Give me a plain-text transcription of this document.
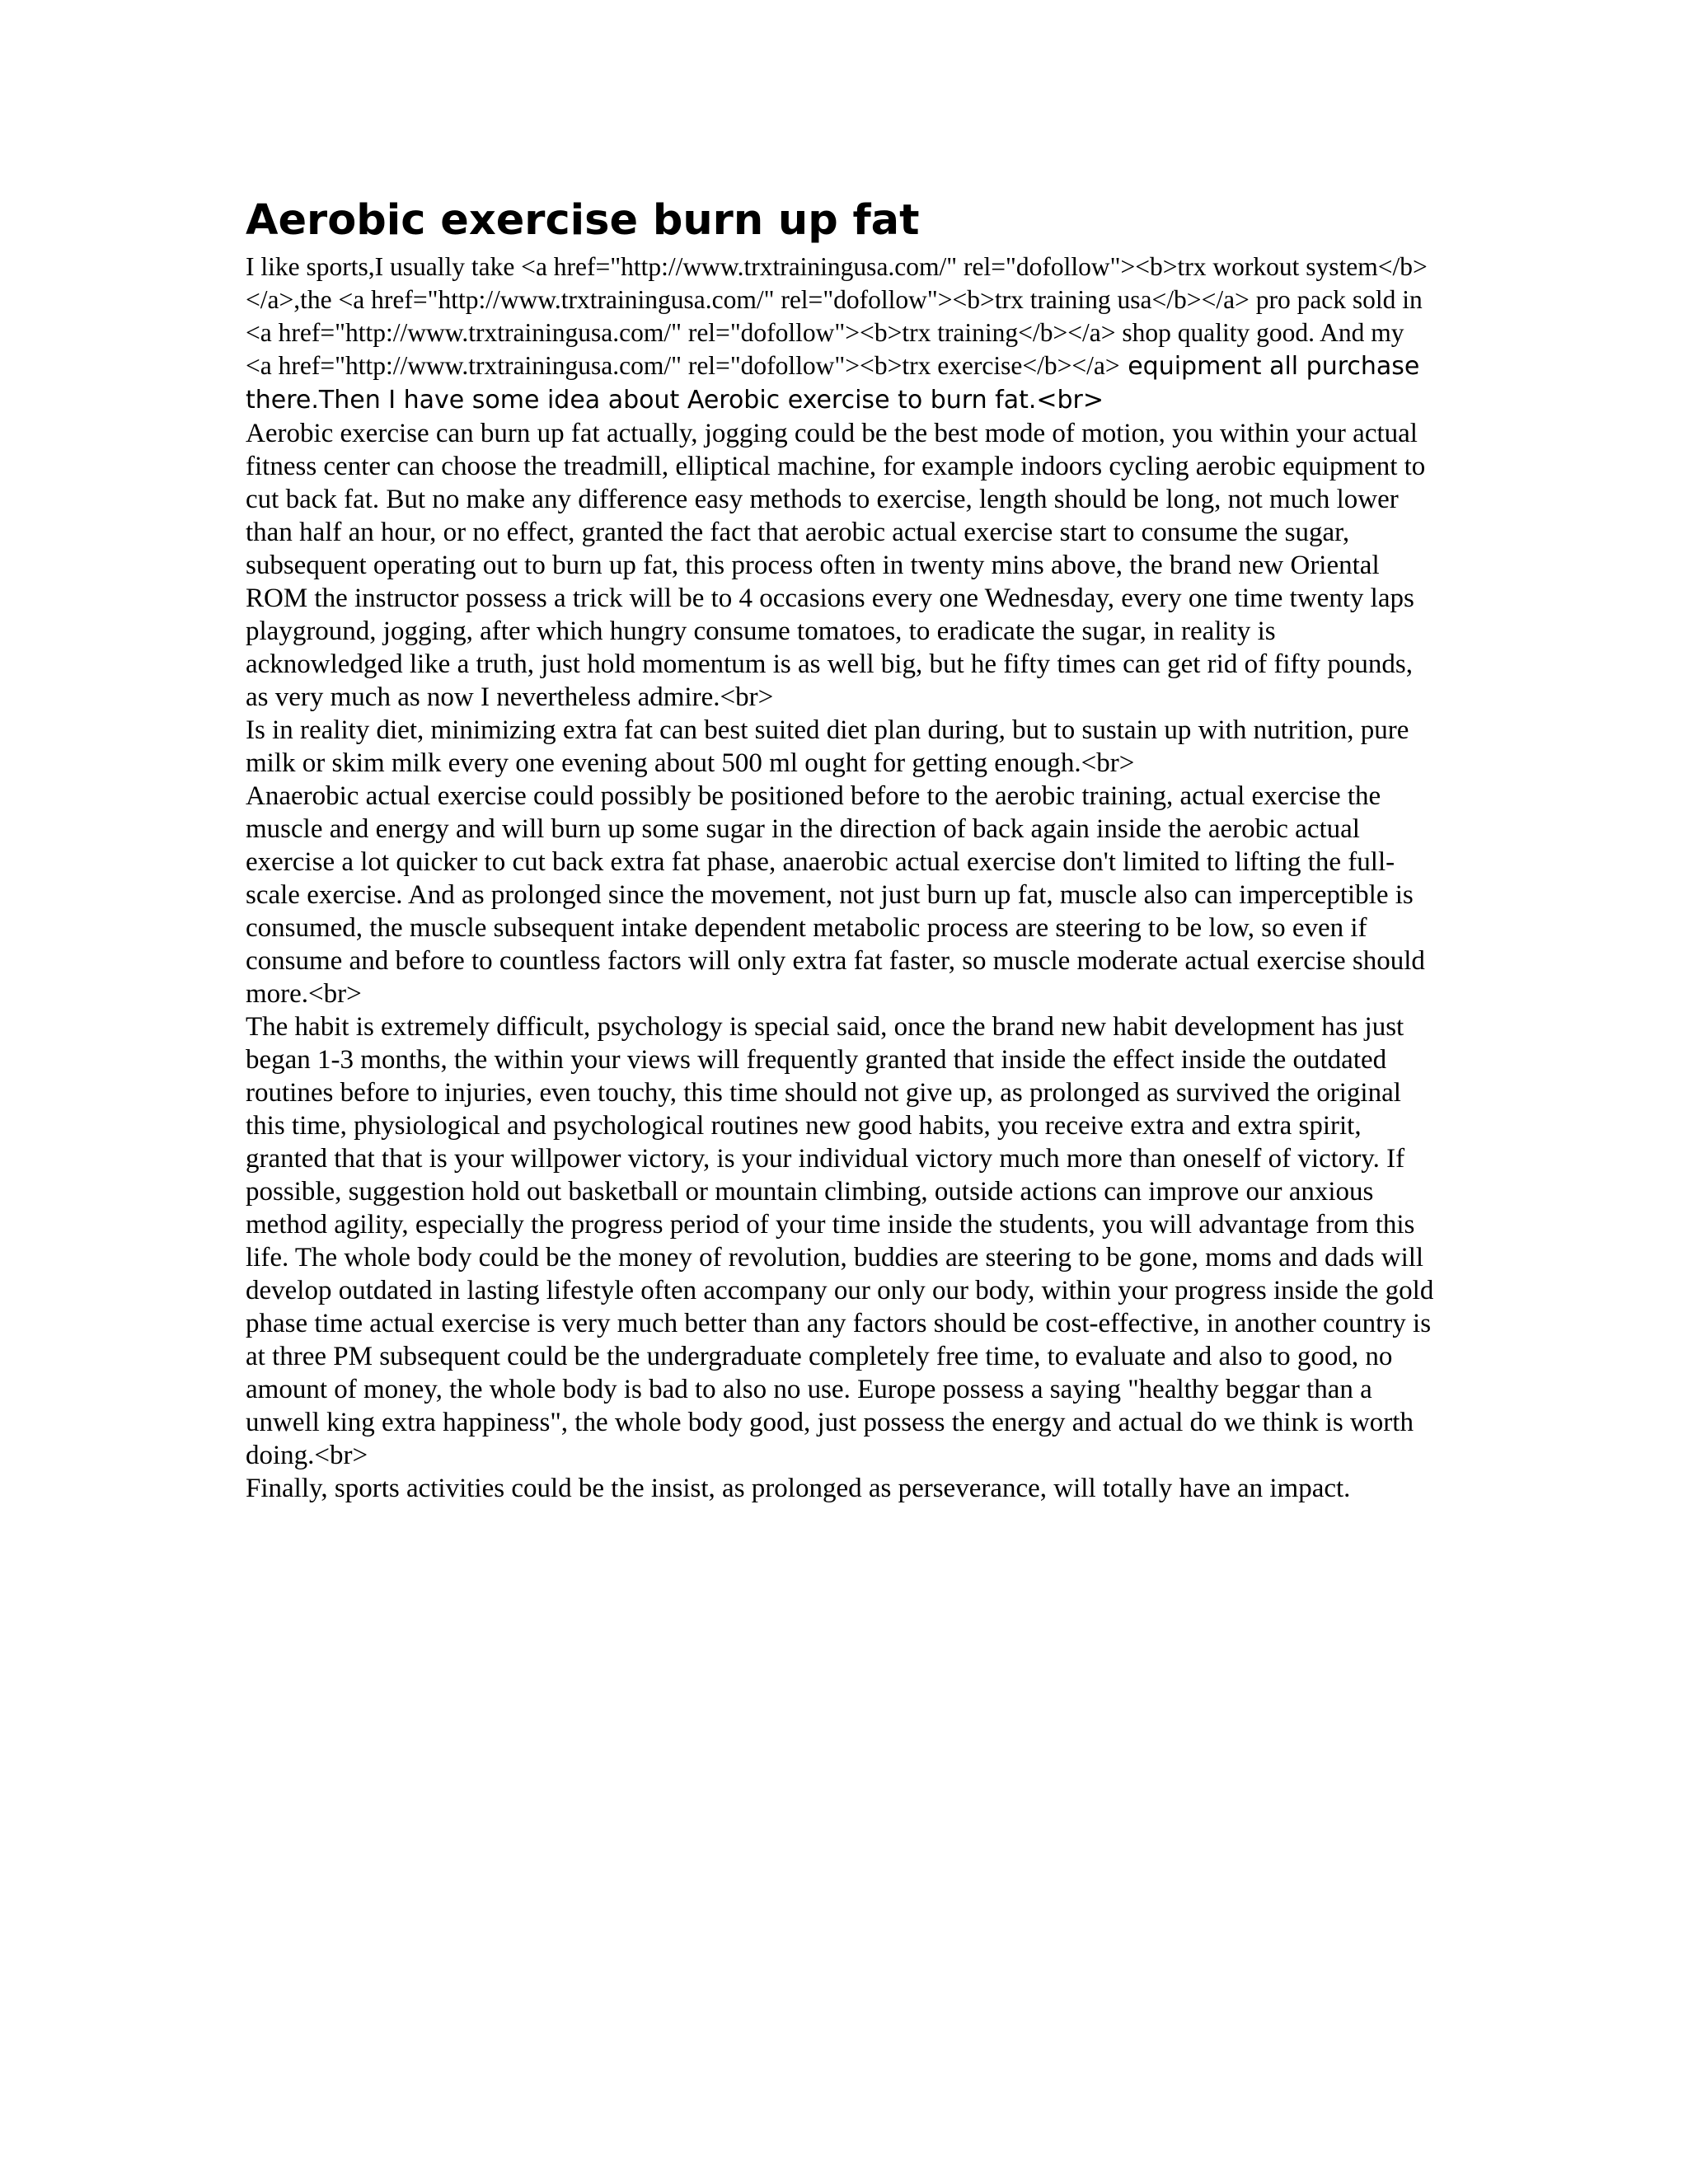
Aerobic exercise burn up fat

I like sports,I usually take <a href="http://www.trxtrainingusa.com/" rel="dofollow"><b>trx workout system</b></a>,the <a href="http://www.trxtrainingusa.com/" rel="dofollow"><b>trx training usa</b></a> pro pack sold in <a href="http://www.trxtrainingusa.com/" rel="dofollow"><b>trx training</b></a> shop quality good. And my <a href="http://www.trxtrainingusa.com/" rel="dofollow"><b>trx exercise</b></a> equipment all purchase there.Then I have some idea about Aerobic exercise to burn fat.<br>

Aerobic exercise can burn up fat actually, jogging could be the best mode of motion, you within your actual fitness center can choose the treadmill, elliptical machine, for example indoors cycling aerobic equipment to cut back fat. But no make any difference easy methods to exercise, length should be long, not much lower than half an hour, or no effect, granted the fact that aerobic actual exercise start to consume the sugar, subsequent operating out to burn up fat, this process often in twenty mins above, the brand new Oriental ROM the instructor possess a trick will be to 4 occasions every one Wednesday, every one time twenty laps playground, jogging, after which hungry consume tomatoes, to eradicate the sugar, in reality is acknowledged like a truth, just hold momentum is as well big, but he fifty times can get rid of fifty pounds, as very much as now I nevertheless admire.<br>

Is in reality diet, minimizing extra fat can best suited diet plan during, but to sustain up with nutrition, pure milk or skim milk every one evening about 500 ml ought for getting enough.<br>

Anaerobic actual exercise could possibly be positioned before to the aerobic training, actual exercise the muscle and energy and will burn up some sugar in the direction of back again inside the aerobic actual exercise a lot quicker to cut back extra fat phase, anaerobic actual exercise don't limited to lifting the full-scale exercise. And as prolonged since the movement, not just burn up fat, muscle also can imperceptible is consumed, the muscle subsequent intake dependent metabolic process are steering to be low, so even if consume and before to countless factors will only extra fat faster, so muscle moderate actual exercise should more.<br>

The habit is extremely difficult, psychology is special said, once the brand new habit development has just began 1-3 months, the within your views will frequently granted that inside the effect inside the outdated routines before to injuries, even touchy, this time should not give up, as prolonged as survived the original this time, physiological and psychological routines new good habits, you receive extra and extra spirit, granted that that is your willpower victory, is your individual victory much more than oneself of victory. If possible, suggestion hold out basketball or mountain climbing, outside actions can improve our anxious method agility, especially the progress period of your time inside the students, you will advantage from this life. The whole body could be the money of revolution, buddies are steering to be gone, moms and dads will develop outdated in lasting lifestyle often accompany our only our body, within your progress inside the gold phase time actual exercise is very much better than any factors should be cost-effective, in another country is at three PM subsequent could be the undergraduate completely free time, to evaluate and also to good, no amount of money, the whole body is bad to also no use. Europe possess a saying "healthy beggar than a unwell king extra happiness", the whole body good, just possess the energy and actual do we think is worth doing.<br>

Finally, sports activities could be the insist, as prolonged as perseverance, will totally have an impact.
